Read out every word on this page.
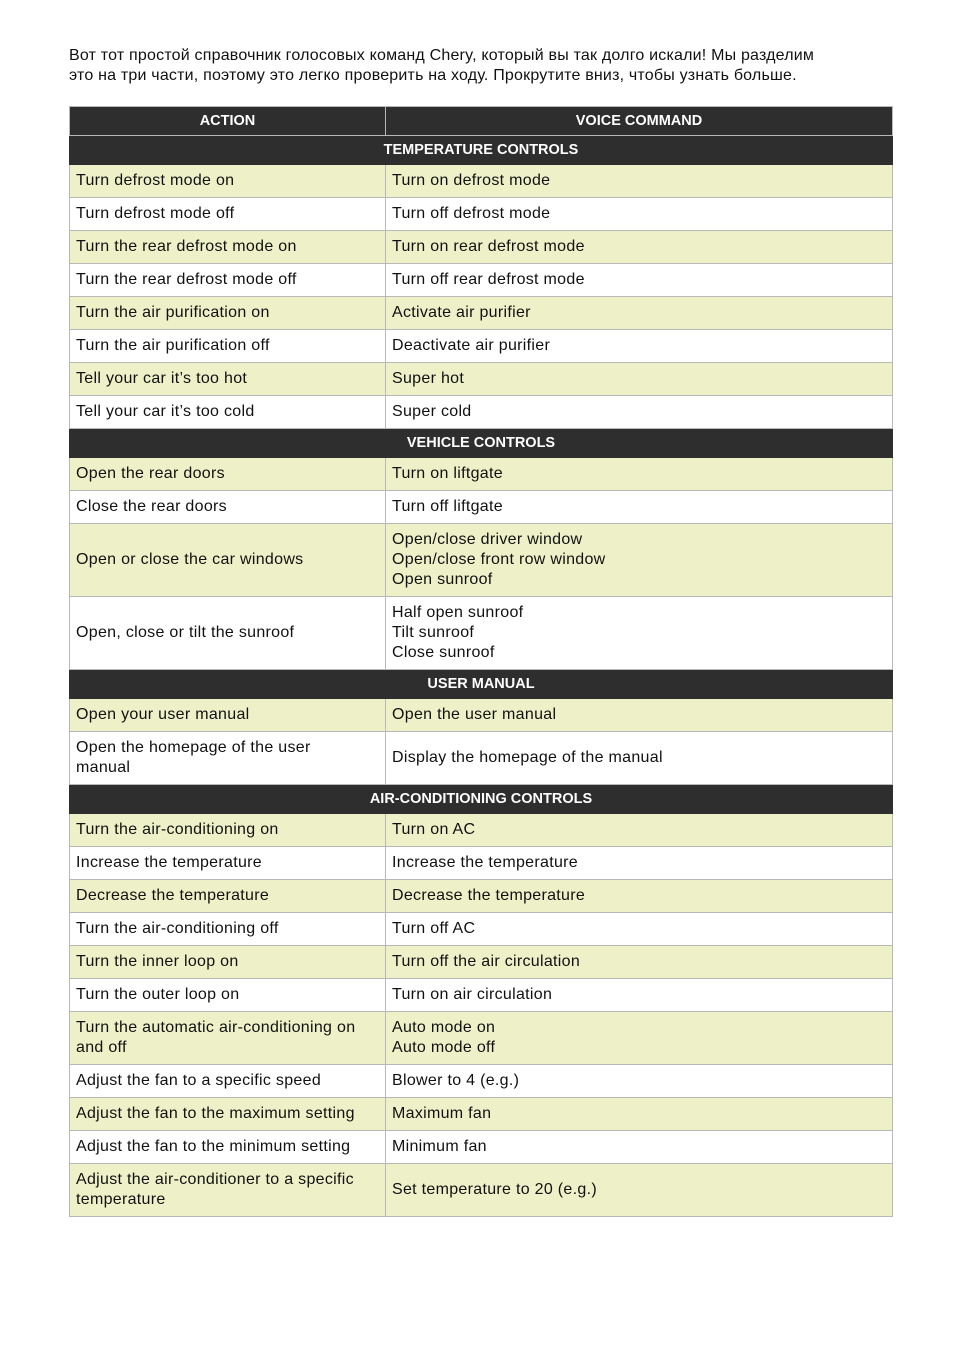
Вот тот простой справочник голосовых команд Chery, который вы так долго искали! Мы разделим

это на три части, поэтому это легко проверить на ходу. Прокрутите вниз, чтобы узнать больше.

ACTION	VOICE COMMAND
TEMPERATURE CONTROLS	

Turn defrost mode on	Turn on defrost mode

Turn defrost mode off	Turn off defrost mode

Turn the rear defrost mode on	Turn on rear defrost mode

Turn the rear defrost mode off	Turn off rear defrost mode

Turn the air purification on	Activate air purifier

Turn the air purification off	Deactivate air purifier

Tell your car it’s too hot	Super hot

Tell your car it’s too cold	Super cold

VEHICLE CONTROLS	

Open the rear doors	Turn on liftgate

Close the rear doors	Turn off liftgate

Open or close the car windows	Open/close driver window
Open/close front row window
Open sunroof

Open, close or tilt the sunroof	Half open sunroof
Tilt sunroof
Close sunroof

USER MANUAL	

Open your user manual	Open the user manual

Open the homepage of the user
manual	Display the homepage of the manual

AIR-CONDITIONING CONTROLS	

Turn the air-conditioning on	Turn on AC

Increase the temperature	Increase the temperature

Decrease the temperature	Decrease the temperature

Turn the air-conditioning off	Turn off AC

Turn the inner loop on	Turn off the air circulation

Turn the outer loop on	Turn on air circulation

Turn the automatic air-conditioning on
and off	Auto mode on
Auto mode off

Adjust the fan to a specific speed	Blower to 4 (e.g.)

Adjust the fan to the maximum setting	Maximum fan

Adjust the fan to the minimum setting	Minimum fan

Adjust the air-conditioner to a specific
temperature	Set temperature to 20 (e.g.)
